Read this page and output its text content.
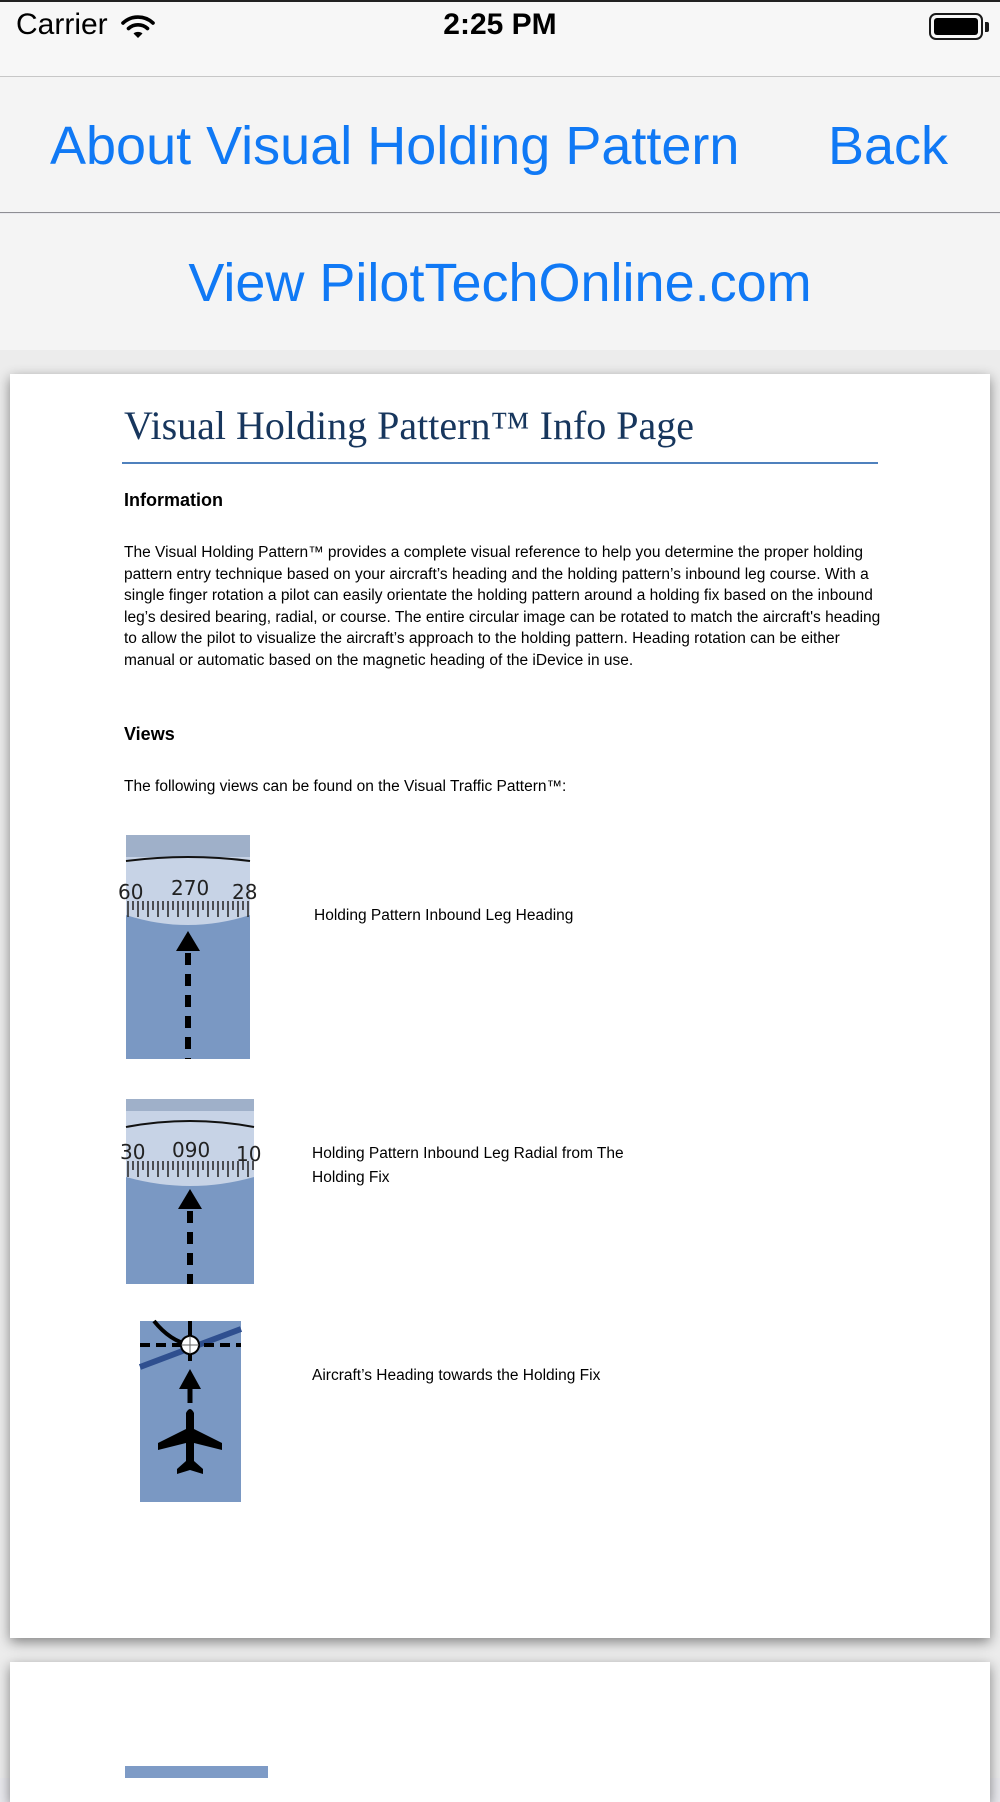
Carrier	2:25 PM
About Visual Holding Pattern Back
View PilotTechOnline.com
Visual Holding Pattern™ Info Page
Information
The Visual Holding Pattern™ provides a complete visual reference to help you determine the proper holding pattern entry technique based on your aircraft’s heading and the holding pattern’s inbound leg course. With a single finger rotation a pilot can easily orientate the holding pattern around a holding fix based on the inbound leg’s desired bearing, radial, or course. The entire circular image can be rotated to match the aircraft's heading to allow the pilot to visualize the aircraft’s approach to the holding pattern. Heading rotation can be either manual or automatic based on the magnetic heading of the iDevice in use.
Views
The following views can be found on the Visual Traffic Pattern™:
60 270 28
Holding Pattern Inbound Leg Heading
30 090 10	Holding Pattern Inbound Leg Radial from The Holding Fix
Aircraft’s Heading towards the Holding Fix
